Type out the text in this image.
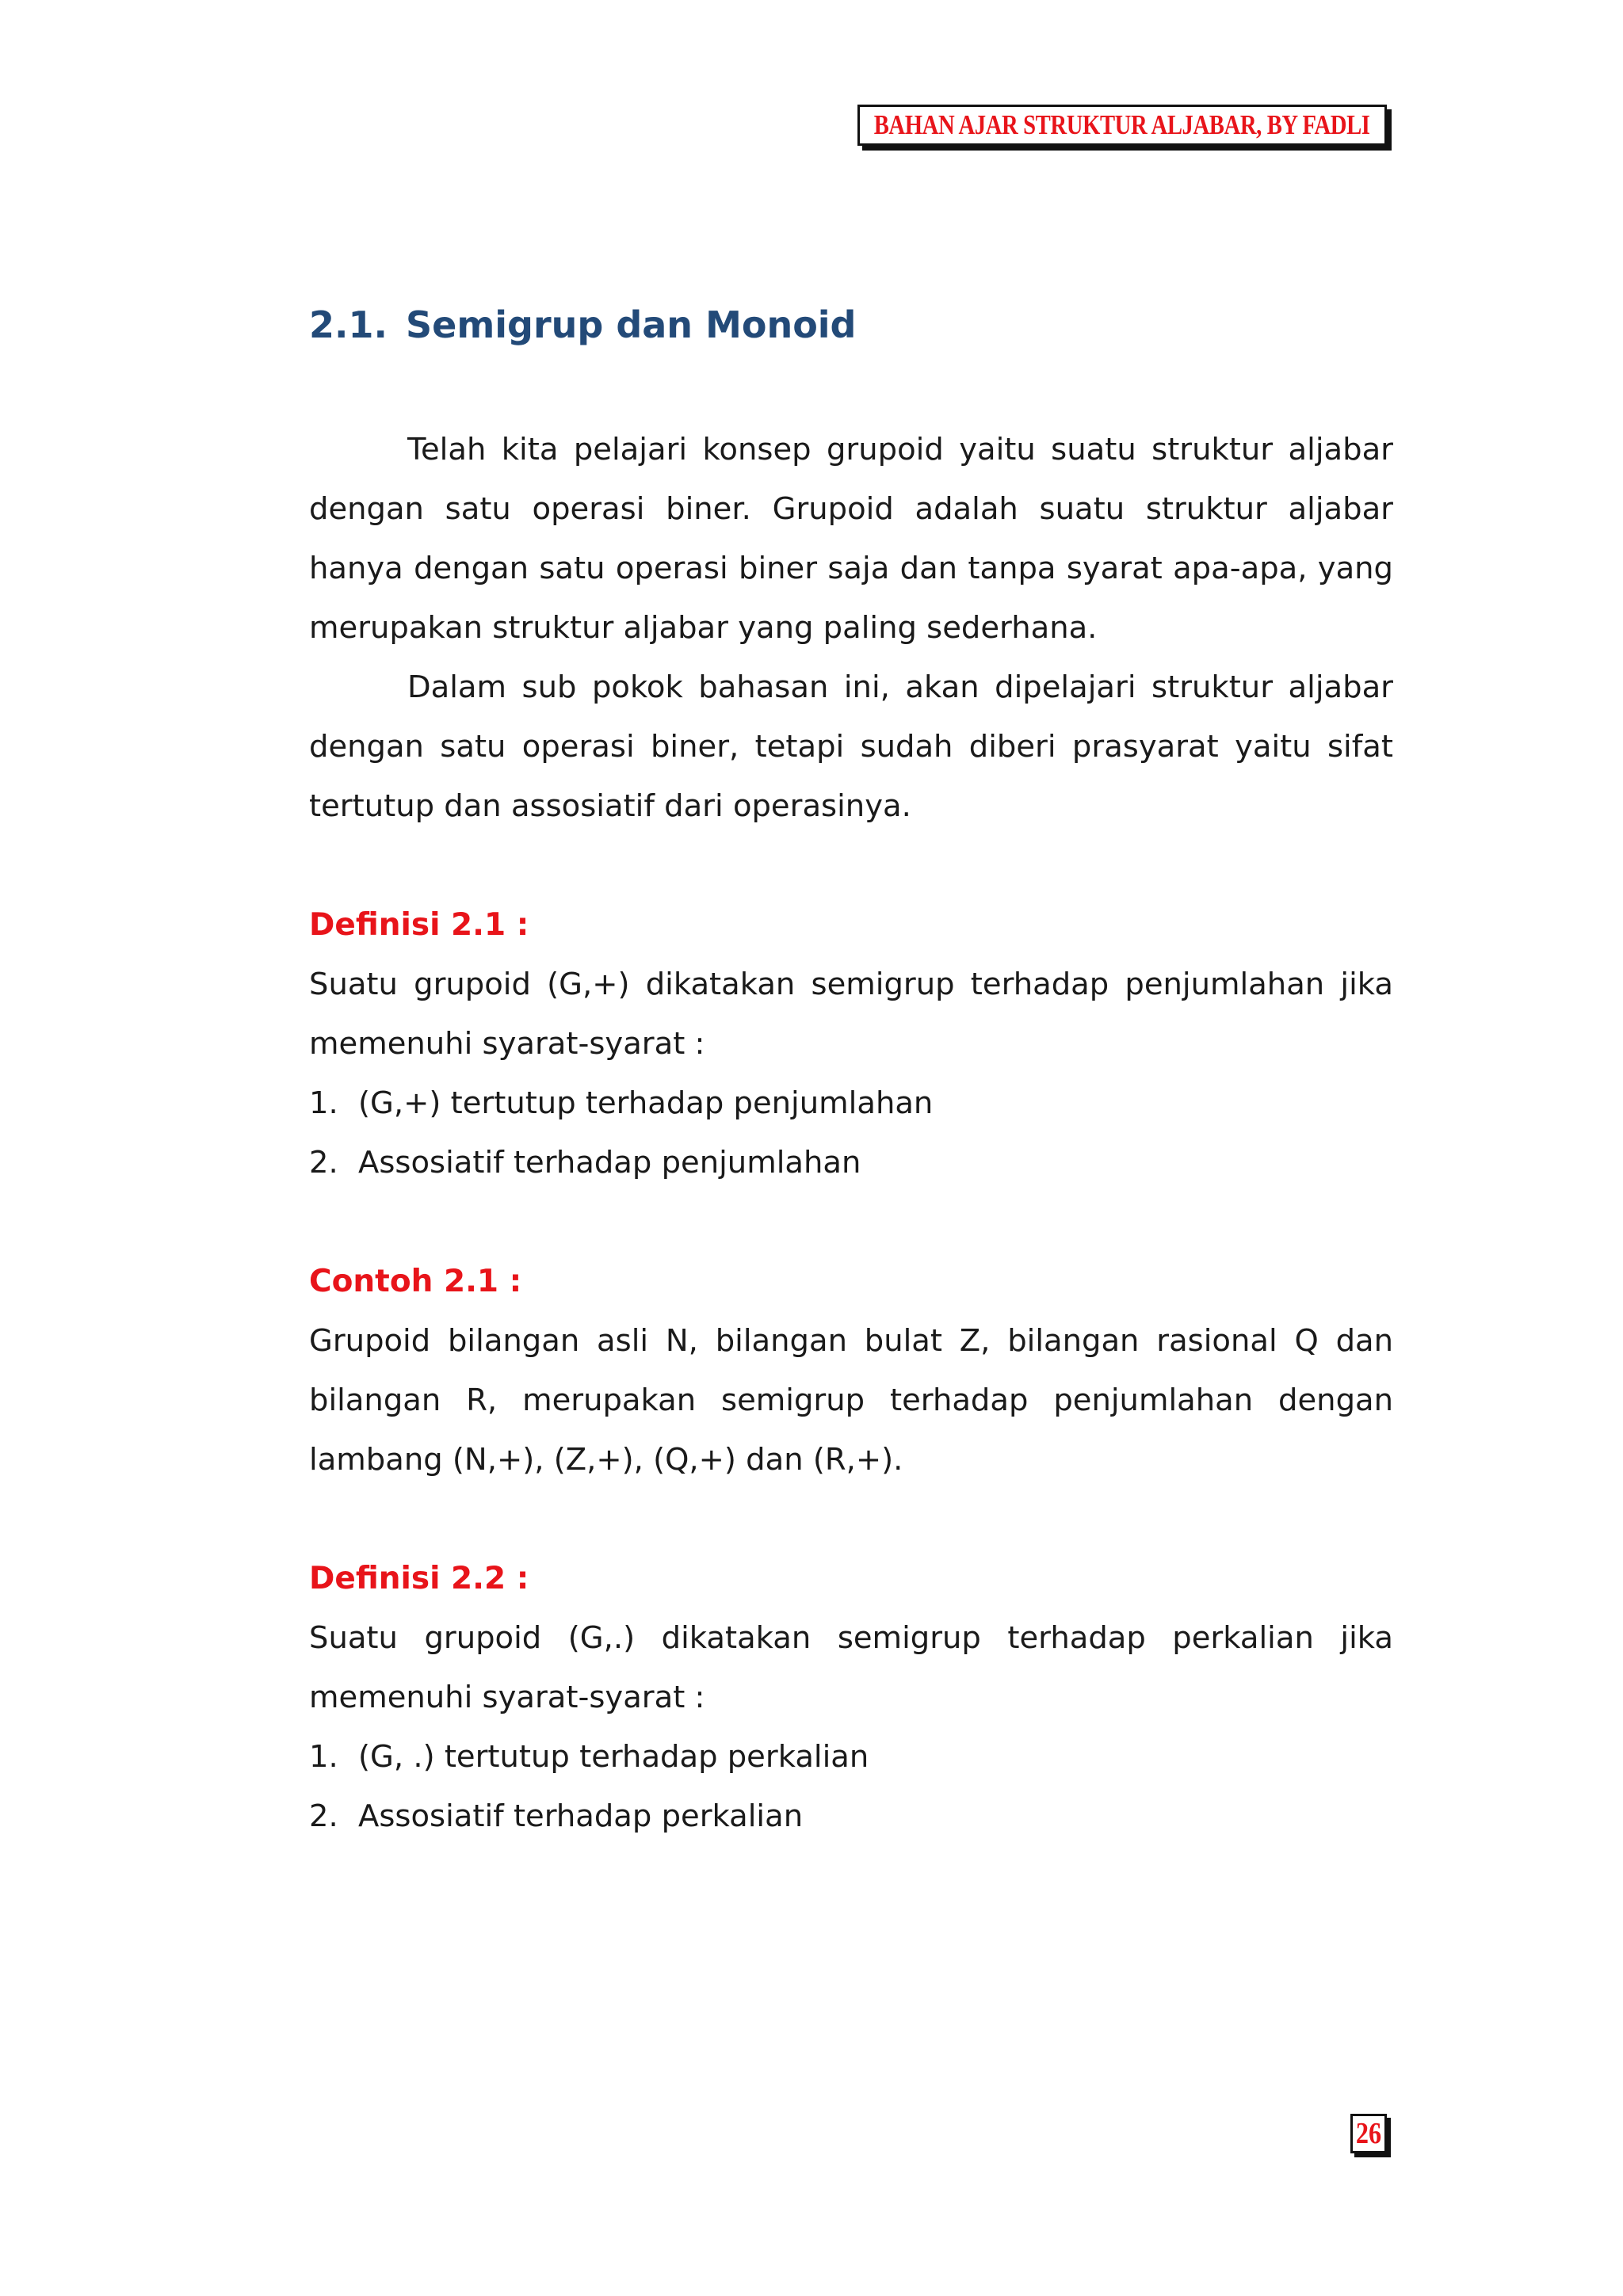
BAHAN AJAR STRUKTUR ALJABAR, BY FADLI
2.1. Semigrup dan Monoid

Telah kita pelajari konsep grupoid yaitu suatu struktur aljabar dengan satu operasi biner. Grupoid adalah suatu struktur aljabar hanya dengan satu operasi biner saja dan tanpa syarat apa-apa, yang merupakan struktur aljabar yang paling sederhana.

Dalam sub pokok bahasan ini, akan dipelajari struktur aljabar dengan satu operasi biner, tetapi sudah diberi prasyarat yaitu sifat tertutup dan assosiatif dari operasinya.

Definisi 2.1 :

Suatu grupoid (G,+) dikatakan semigrup terhadap penjumlahan jika memenuhi syarat-syarat :

1. (G,+) tertutup terhadap penjumlahan
2. Assosiatif terhadap penjumlahan

Contoh 2.1 :

Grupoid bilangan asli N, bilangan bulat Z, bilangan rasional Q dan bilangan R, merupakan semigrup terhadap penjumlahan dengan lambang (N,+), (Z,+), (Q,+) dan (R,+).

Definisi 2.2 :

Suatu grupoid (G,.) dikatakan semigrup terhadap perkalian jika memenuhi syarat-syarat :

1. (G, .) tertutup terhadap perkalian
2. Assosiatif terhadap perkalian
26
